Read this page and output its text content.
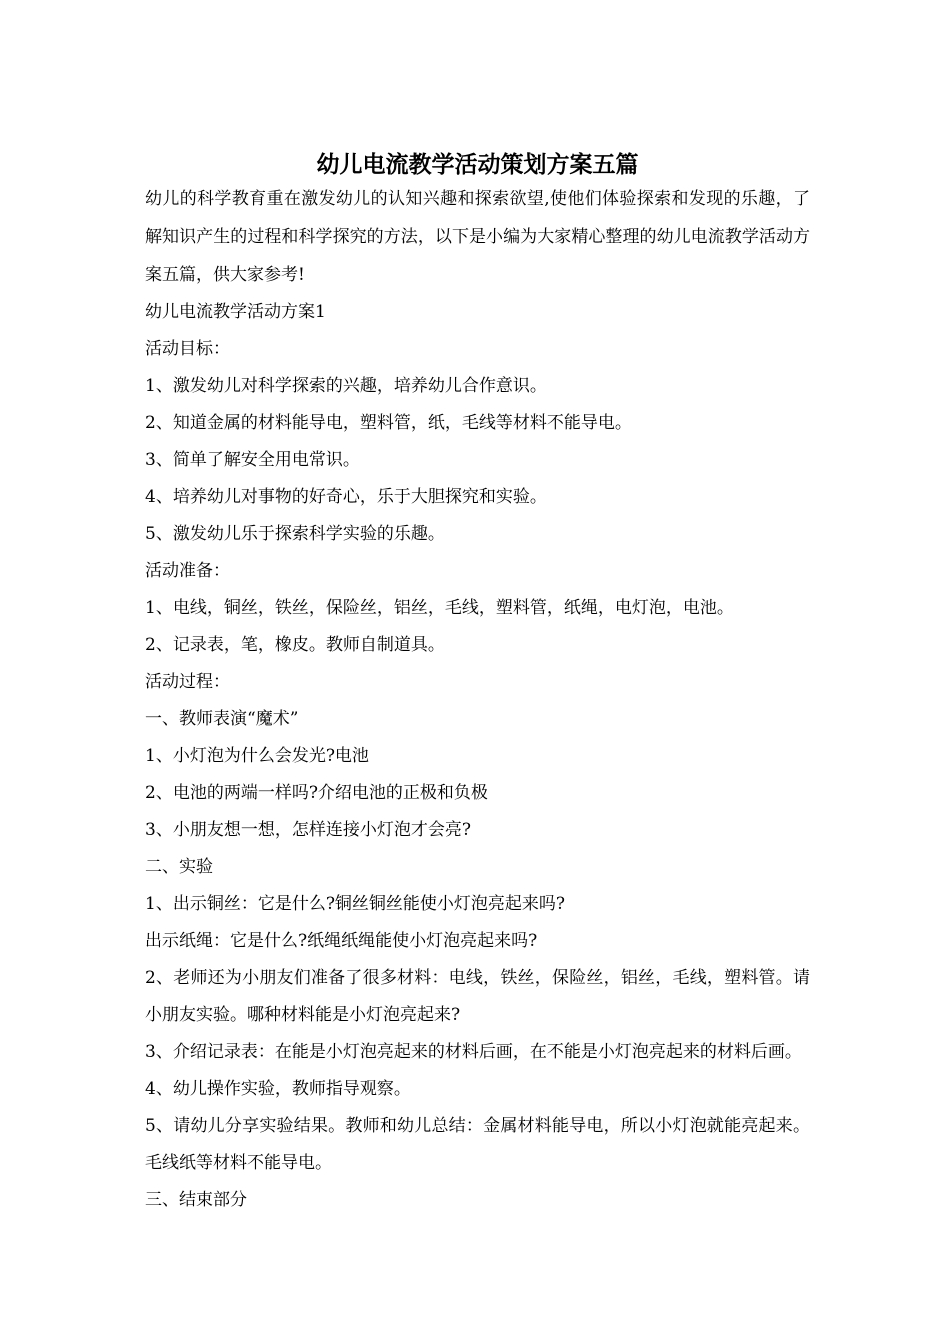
幼儿电流教学活动策划方案五篇

幼儿的科学教育重在激发幼儿的认知兴趣和探索欲望,使他们体验探索和发现的乐趣，了解知识产生的过程和科学探究的方法，以下是小编为大家精心整理的幼儿电流教学活动方案五篇，供大家参考!

幼儿电流教学活动方案1

活动目标：

1、激发幼儿对科学探索的兴趣，培养幼儿合作意识。

2、知道金属的材料能导电，塑料管，纸，毛线等材料不能导电。

3、简单了解安全用电常识。

4、培养幼儿对事物的好奇心，乐于大胆探究和实验。

5、激发幼儿乐于探索科学实验的乐趣。

活动准备：

1、电线，铜丝，铁丝，保险丝，铝丝，毛线，塑料管，纸绳，电灯泡，电池。

2、记录表，笔，橡皮。教师自制道具。

活动过程：

一、教师表演“魔术”

1、小灯泡为什么会发光?电池

2、电池的两端一样吗?介绍电池的正极和负极

3、小朋友想一想，怎样连接小灯泡才会亮?

二、实验

1、出示铜丝：它是什么?铜丝铜丝能使小灯泡亮起来吗?

出示纸绳：它是什么?纸绳纸绳能使小灯泡亮起来吗?

2、老师还为小朋友们准备了很多材料：电线，铁丝，保险丝，铝丝，毛线，塑料管。请小朋友实验。哪种材料能是小灯泡亮起来?

3、介绍记录表：在能是小灯泡亮起来的材料后画，在不能是小灯泡亮起来的材料后画。

4、幼儿操作实验，教师指导观察。

5、请幼儿分享实验结果。教师和幼儿总结：金属材料能导电，所以小灯泡就能亮起来。毛线纸等材料不能导电。

三、结束部分
